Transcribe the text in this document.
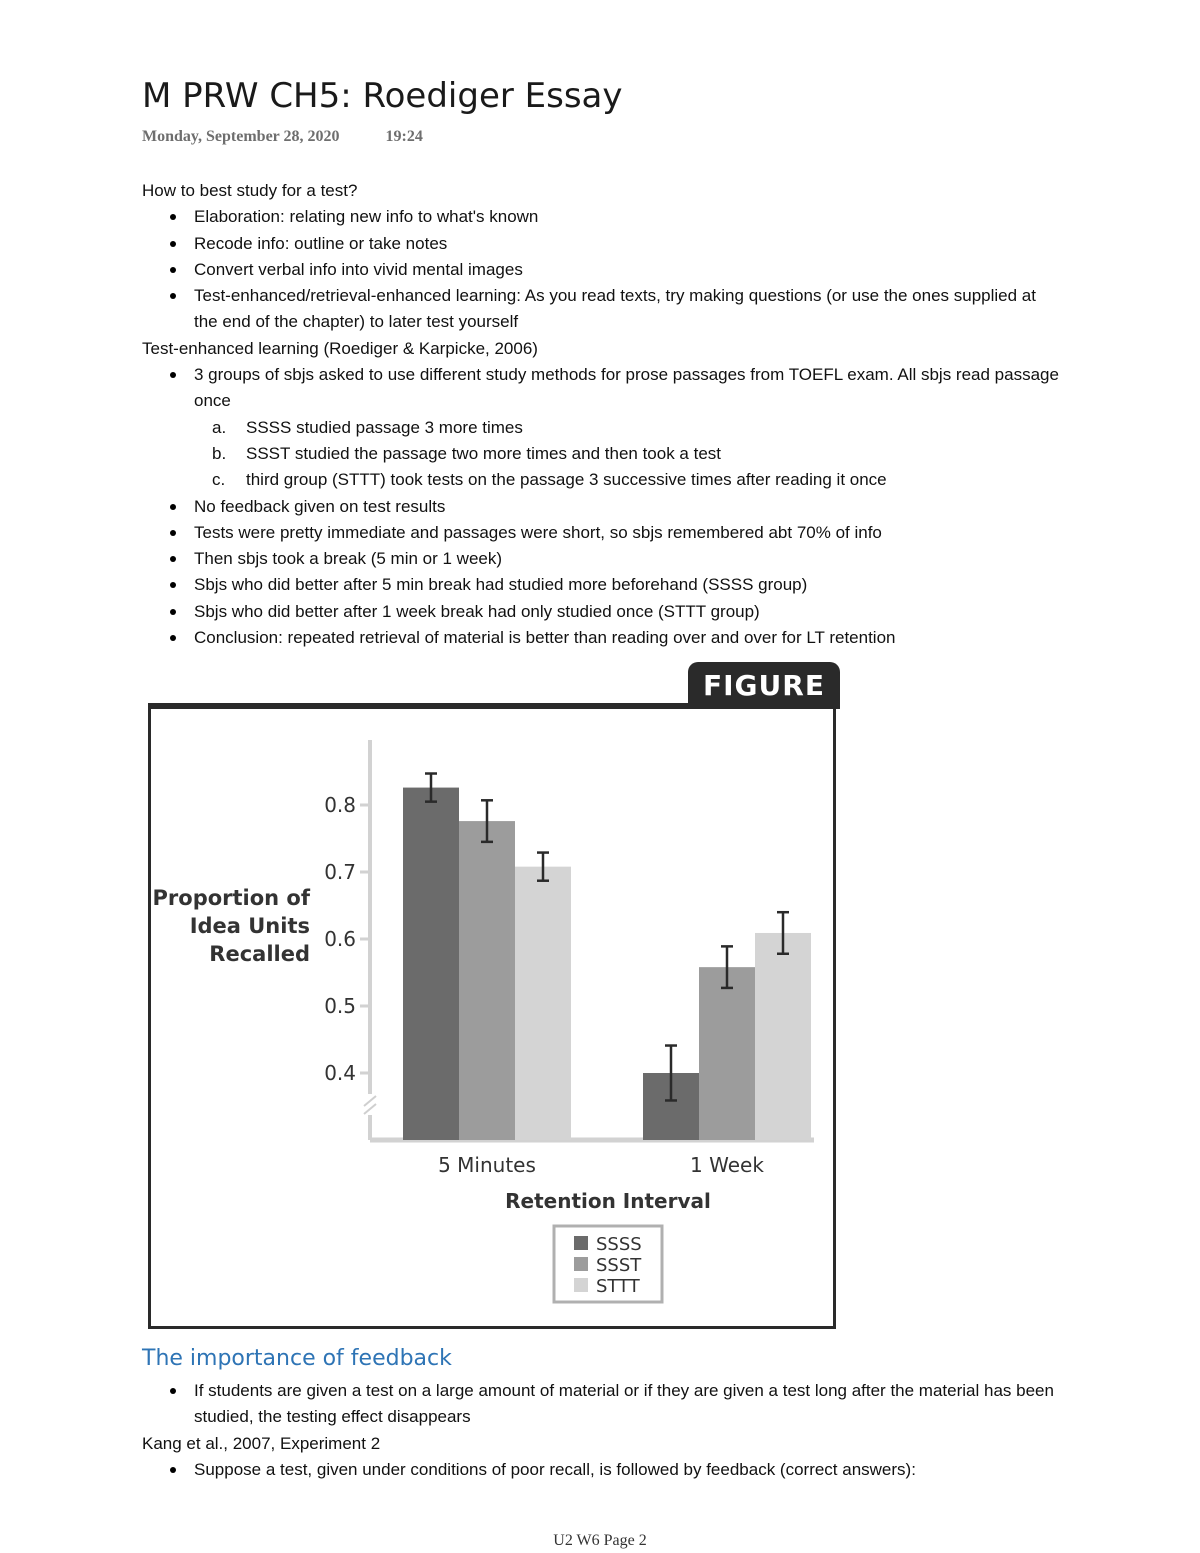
M PRW CH5: Roediger Essay
Monday, September 28, 2020	19:24
How to best study for a test?
Elaboration: relating new info to what's known
Recode info: outline or take notes
Convert verbal info into vivid mental images
Test-enhanced/retrieval-enhanced learning: As you read texts, try making questions (or use the ones supplied at the end of the chapter) to later test yourself
Test-enhanced learning (Roediger & Karpicke, 2006)
3 groups of sbjs asked to use different study methods for prose passages from TOEFL exam. All sbjs read passage once
a. SSSS studied passage 3 more times
b. SSST studied the passage two more times and then took a test
c. third group (STTT) took tests on the passage 3 successive times after reading it once
No feedback given on test results
Tests were pretty immediate and passages were short, so sbjs remembered abt 70% of info
Then sbjs took a break (5 min or 1 week)
Sbjs who did better after 5 min break had studied more beforehand (SSSS group)
Sbjs who did better after 1 week break had only studied once (STTT group)
Conclusion: repeated retrieval of material is better than reading over and over for LT retention
FIGURE 1
0.4
0.5
0.6
0.7
0.8
Proportion of
Idea Units
Recalled
5 Minutes	1 Week
Retention Interval
SSSS
SSST
STTT
The importance of feedback
If students are given a test on a large amount of material or if they are given a test long after the material has been studied, the testing effect disappears
Kang et al., 2007, Experiment 2
Suppose a test, given under conditions of poor recall, is followed by feedback (correct answers):
U2 W6 Page 2
